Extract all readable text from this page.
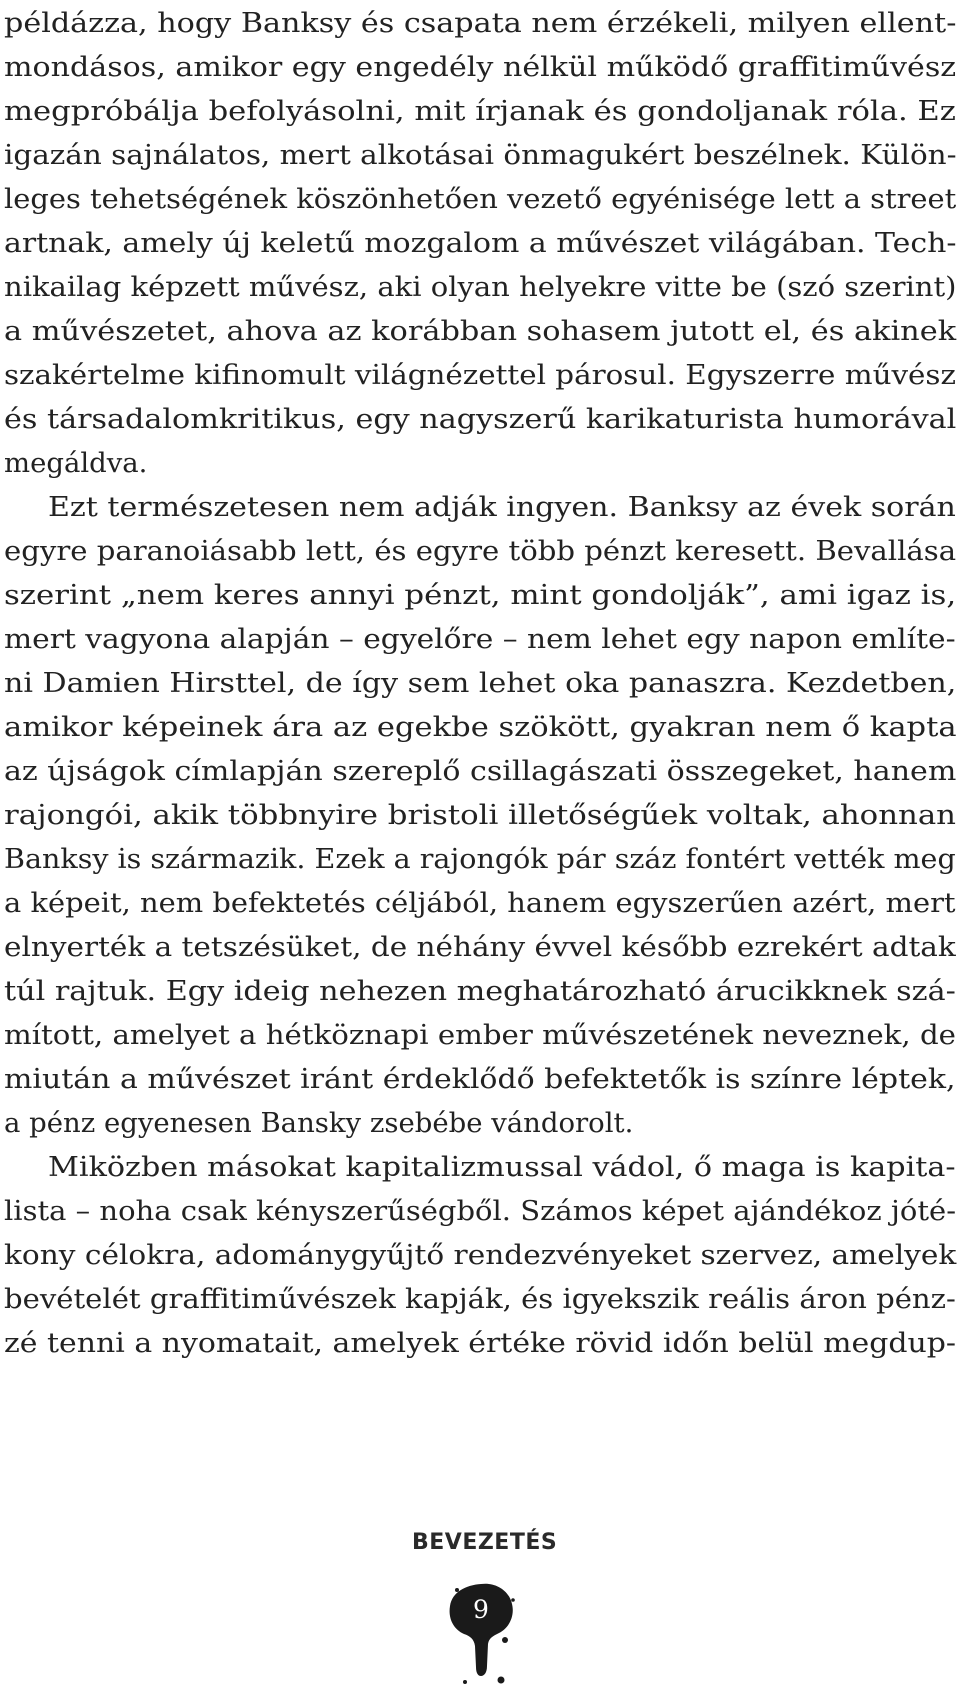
példázza, hogy Banksy és csapata nem érzékeli, milyen ellent-
mondásos, amikor egy engedély nélkül működő graffitiművész
megpróbálja befolyásolni, mit írjanak és gondoljanak róla. Ez
igazán sajnálatos, mert alkotásai önmagukért beszélnek. Külön-
leges tehetségének köszönhetően vezető egyénisége lett a street
artnak, amely új keletű mozgalom a művészet világában. Tech-
nikailag képzett művész, aki olyan helyekre vitte be (szó szerint)
a művészetet, ahova az korábban sohasem jutott el, és akinek
szakértelme kifinomult világnézettel párosul. Egyszerre művész
és társadalomkritikus, egy nagyszerű karikaturista humorával
megáldva.
Ezt természetesen nem adják ingyen. Banksy az évek során
egyre paranoiásabb lett, és egyre több pénzt keresett. Bevallása
szerint „nem keres annyi pénzt, mint gondolják”, ami igaz is,
mert vagyona alapján – egyelőre – nem lehet egy napon említe-
ni Damien Hirsttel, de így sem lehet oka panaszra. Kezdetben,
amikor képeinek ára az egekbe szökött, gyakran nem ő kapta
az újságok címlapján szereplő csillagászati összegeket, hanem
rajongói, akik többnyire bristoli illetőségűek voltak, ahonnan
Banksy is származik. Ezek a rajongók pár száz fontért vették meg
a képeit, nem befektetés céljából, hanem egyszerűen azért, mert
elnyerték a tetszésüket, de néhány évvel később ezrekért adtak
túl rajtuk. Egy ideig nehezen meghatározható árucikknek szá-
mított, amelyet a hétköznapi ember művészetének neveznek, de
miután a művészet iránt érdeklődő befektetők is színre léptek,
a pénz egyenesen Bansky zsebébe vándorolt.
Miközben másokat kapitalizmussal vádol, ő maga is kapita-
lista – noha csak kényszerűségből. Számos képet ajándékoz jóté-
kony célokra, adománygyűjtő rendezvényeket szervez, amelyek
bevételét graffitiművészek kapják, és igyekszik reális áron pénz-
zé tenni a nyomatait, amelyek értéke rövid időn belül megdup-
BEVEZETÉS
9
